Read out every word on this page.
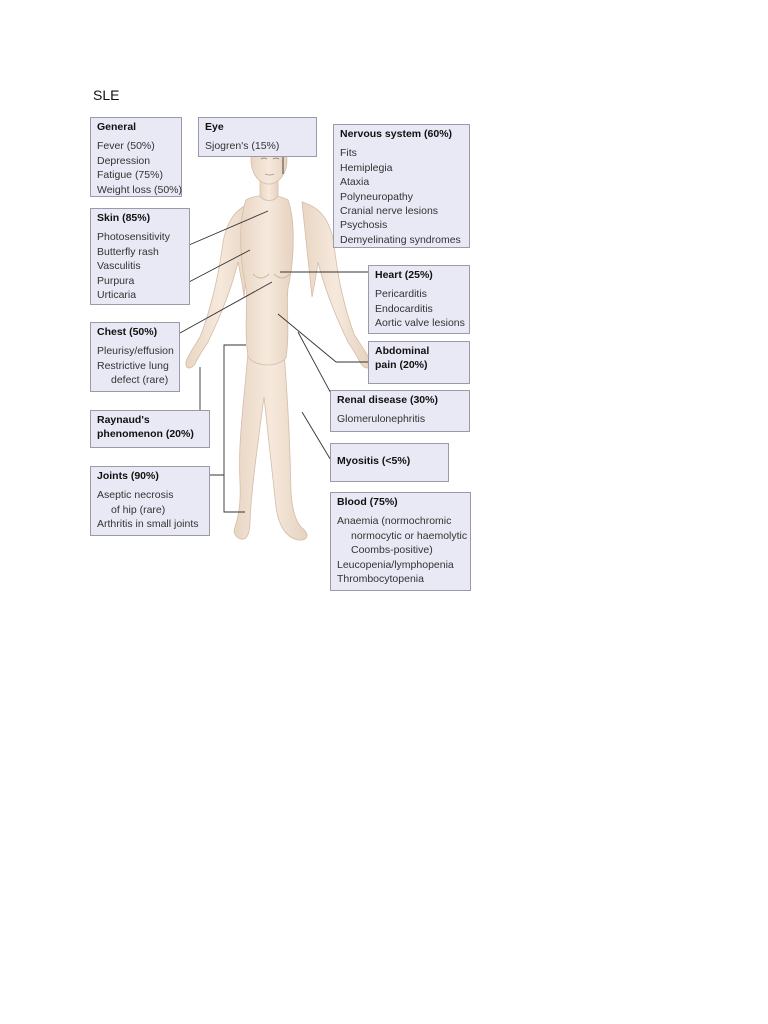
SLE
General
Fever (50%)
Depression
Fatigue (75%)
Weight loss (50%)
Eye
Sjogren's (15%)
Nervous system (60%)
Fits
Hemiplegia
Ataxia
Polyneuropathy
Cranial nerve lesions
Psychosis
Demyelinating syndromes
Skin (85%)
Photosensitivity
Butterfly rash
Vasculitis
Purpura
Urticaria
Heart (25%)
Pericarditis
Endocarditis
Aortic valve lesions
Chest (50%)
Pleurisy/effusion
Restrictive lung
defect (rare)
Abdominal
pain (20%)
Raynaud's
phenomenon (20%)
Renal disease (30%)
Glomerulonephritis
Myositis (<5%)
Joints (90%)
Aseptic necrosis
of hip (rare)
Arthritis in small joints
Blood (75%)
Anaemia (normochromic
normocytic or haemolytic
Coombs-positive)
Leucopenia/lymphopenia
Thrombocytopenia
